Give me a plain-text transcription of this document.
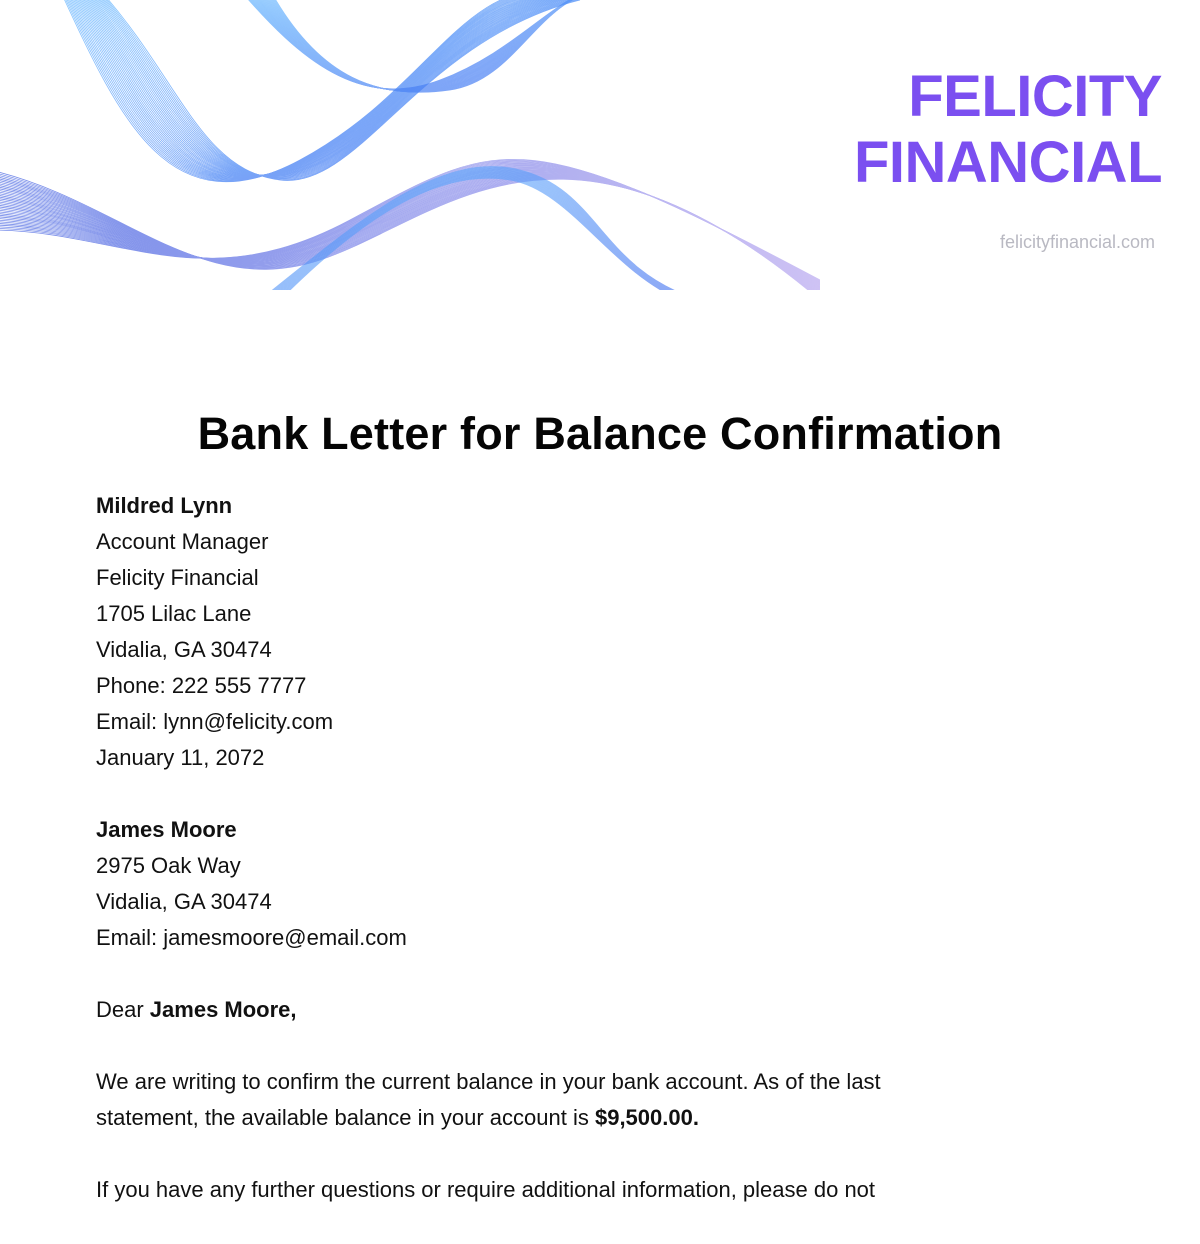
FELICITY
FINANCIAL
felicityfinancial.com
Bank Letter for Balance Confirmation
Mildred Lynn
Account Manager
Felicity Financial
1705 Lilac Lane
Vidalia, GA 30474
Phone: 222 555 7777
Email: lynn@felicity.com
January 11, 2072
James Moore
2975 Oak Way
Vidalia, GA 30474
Email: jamesmoore@email.com

Dear James Moore,

We are writing to confirm the current balance in your bank account. As of the last
statement, the available balance in your account is $9,500.00.

If you have any further questions or require additional information, please do not
